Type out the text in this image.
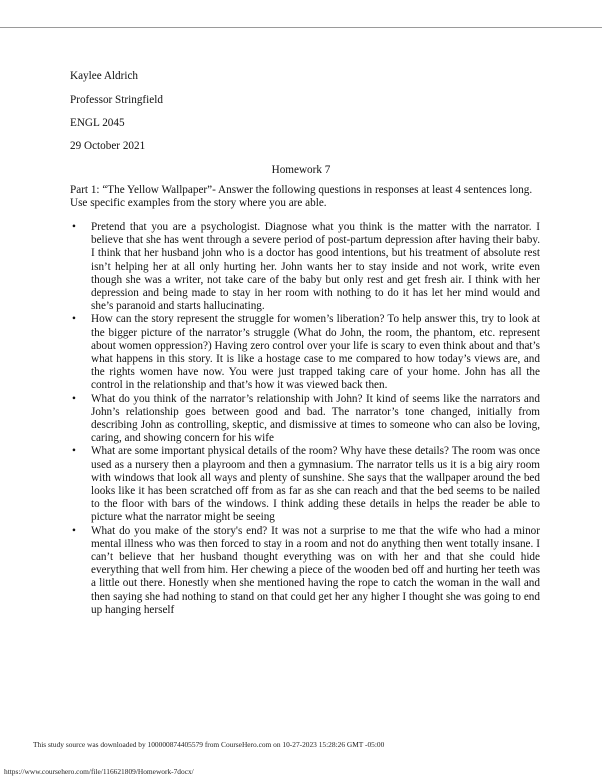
Kaylee Aldrich
Professor Stringfield
ENGL 2045
29 October 2021
Homework 7
Part 1: “The Yellow Wallpaper”- Answer the following questions in responses at least 4 sentences long. Use specific examples from the story where you are able.
• Pretend that you are a psychologist. Diagnose what you think is the matter with the narrator. I believe that she has went through a severe period of post-partum depression after having their baby. I think that her husband john who is a doctor has good intentions, but his treatment of absolute rest isn’t helping her at all only hurting her. John wants her to stay inside and not work, write even though she was a writer, not take care of the baby but only rest and get fresh air. I think with her depression and being made to stay in her room with nothing to do it has let her mind would and she’s paranoid and starts hallucinating.
• How can the story represent the struggle for women’s liberation? To help answer this, try to look at the bigger picture of the narrator’s struggle (What do John, the room, the phantom, etc. represent about women oppression?) Having zero control over your life is scary to even think about and that’s what happens in this story. It is like a hostage case to me compared to how today’s views are, and the rights women have now. You were just trapped taking care of your home. John has all the control in the relationship and that’s how it was viewed back then.
• What do you think of the narrator’s relationship with John? It kind of seems like the narrators and John’s relationship goes between good and bad. The narrator’s tone changed, initially from describing John as controlling, skeptic, and dismissive at times to someone who can also be loving, caring, and showing concern for his wife
• What are some important physical details of the room? Why have these details? The room was once used as a nursery then a playroom and then a gymnasium. The narrator tells us it is a big airy room with windows that look all ways and plenty of sunshine. She says that the wallpaper around the bed looks like it has been scratched off from as far as she can reach and that the bed seems to be nailed to the floor with bars of the windows. I think adding these details in helps the reader be able to picture what the narrator might be seeing
• What do you make of the story's end? It was not a surprise to me that the wife who had a minor mental illness who was then forced to stay in a room and not do anything then went totally insane. I can’t believe that her husband thought everything was on with her and that she could hide everything that well from him. Her chewing a piece of the wooden bed off and hurting her teeth was a little out there. Honestly when she mentioned having the rope to catch the woman in the wall and then saying she had nothing to stand on that could get her any higher I thought she was going to end up hanging herself
This study source was downloaded by 100000874405579 from CourseHero.com on 10-27-2023 15:28:26 GMT -05:00
https://www.coursehero.com/file/116621809/Homework-7docx/
